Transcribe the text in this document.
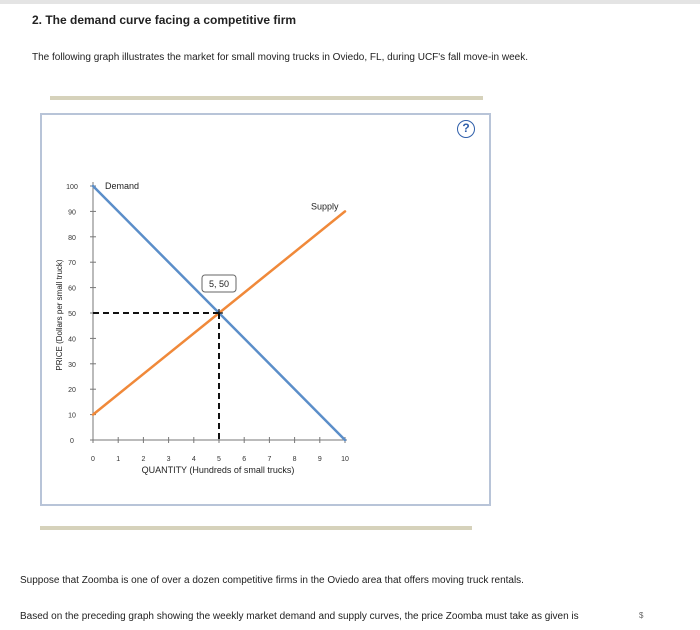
2. The demand curve facing a competitive firm
The following graph illustrates the market for small moving trucks in Oviedo, FL, during UCF's fall move-in week.
?
0	1	2	3	4	5	6	7	8	9	10
0
10
20
30
40
50
60
70
80
90
100	Demand
Supply
5, 50
QUANTITY (Hundreds of small trucks)
PRICE (Dollars per small truck)
Suppose that Zoomba is one of over a dozen competitive firms in the Oviedo area that offers moving truck rentals.
Based on the preceding graph showing the weekly market demand and supply curves, the price Zoomba must take as given is	$
